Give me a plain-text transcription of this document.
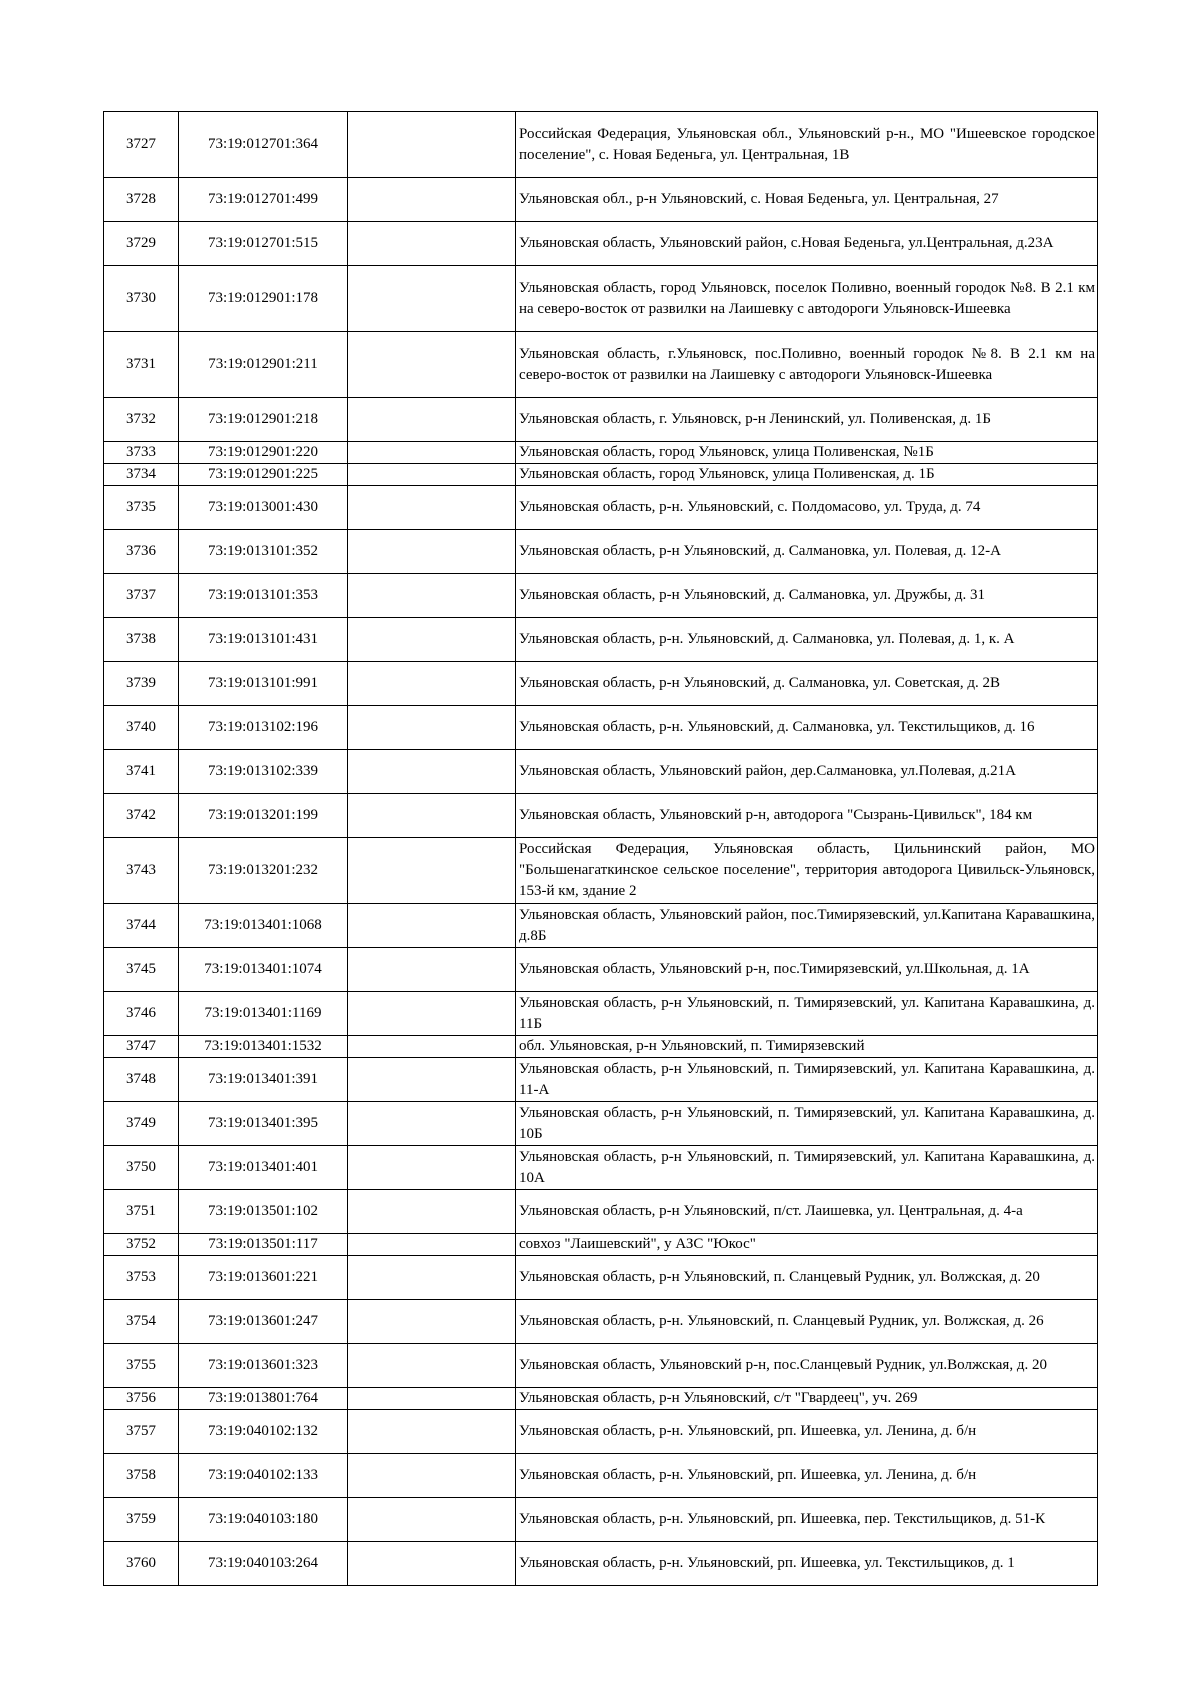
3727	73:19:012701:364		Российская Федерация, Ульяновская обл., Ульяновский р-н., МО "Ишеевское городское поселение", с. Новая Беденьга, ул. Центральная, 1В
3728	73:19:012701:499		Ульяновская обл., р-н Ульяновский, с. Новая Беденьга, ул. Центральная, 27
3729	73:19:012701:515		Ульяновская область, Ульяновский район, с.Новая Беденьга, ул.Центральная, д.23А
3730	73:19:012901:178		Ульяновская область, город Ульяновск, поселок Поливно, военный городок №8. В 2.1 км на северо-восток от развилки на Лаишевку с автодороги Ульяновск-Ишеевка
3731	73:19:012901:211		Ульяновская область, г.Ульяновск, пос.Поливно, военный городок №8. В 2.1 км на северо-восток от развилки на Лаишевку с автодороги Ульяновск-Ишеевка
3732	73:19:012901:218		Ульяновская область, г. Ульяновск, р-н Ленинский, ул. Поливенская, д. 1Б
3733	73:19:012901:220		Ульяновская область, город Ульяновск, улица Поливенская, №1Б
3734	73:19:012901:225		Ульяновская область, город Ульяновск, улица Поливенская, д. 1Б
3735	73:19:013001:430		Ульяновская область, р-н. Ульяновский, с. Полдомасово, ул. Труда, д. 74
3736	73:19:013101:352		Ульяновская область, р-н Ульяновский, д. Салмановка, ул. Полевая, д. 12-А
3737	73:19:013101:353		Ульяновская область, р-н Ульяновский, д. Салмановка, ул. Дружбы, д. 31
3738	73:19:013101:431		Ульяновская область, р-н. Ульяновский, д. Салмановка, ул. Полевая, д. 1, к. А
3739	73:19:013101:991		Ульяновская область, р-н Ульяновский, д. Салмановка, ул. Советская, д. 2В
3740	73:19:013102:196		Ульяновская область, р-н. Ульяновский, д. Салмановка, ул. Текстильщиков, д. 16
3741	73:19:013102:339		Ульяновская область, Ульяновский район, дер.Салмановка, ул.Полевая, д.21А
3742	73:19:013201:199		Ульяновская область, Ульяновский р-н, автодорога "Сызрань-Цивильск", 184 км
3743	73:19:013201:232		Российская Федерация, Ульяновская область, Цильнинский район, МО "Большенагаткинское сельское поселение", территория автодорога Цивильск-Ульяновск, 153-й км, здание 2
3744	73:19:013401:1068		Ульяновская область, Ульяновский район, пос.Тимирязевский, ул.Капитана Каравашкина, д.8Б
3745	73:19:013401:1074		Ульяновская область, Ульяновский р-н, пос.Тимирязевский, ул.Школьная, д. 1А
3746	73:19:013401:1169		Ульяновская область, р-н Ульяновский, п. Тимирязевский, ул. Капитана Каравашкина, д. 11Б
3747	73:19:013401:1532		обл. Ульяновская, р-н Ульяновский, п. Тимирязевский
3748	73:19:013401:391		Ульяновская область, р-н Ульяновский, п. Тимирязевский, ул. Капитана Каравашкина, д. 11-А
3749	73:19:013401:395		Ульяновская область, р-н Ульяновский, п. Тимирязевский, ул. Капитана Каравашкина, д. 10Б
3750	73:19:013401:401		Ульяновская область, р-н Ульяновский, п. Тимирязевский, ул. Капитана Каравашкина, д. 10А
3751	73:19:013501:102		Ульяновская область, р-н Ульяновский, п/ст. Лаишевка, ул. Центральная, д. 4-а
3752	73:19:013501:117		совхоз "Лаишевский", у АЗС "Юкос"
3753	73:19:013601:221		Ульяновская область, р-н Ульяновский, п. Сланцевый Рудник, ул. Волжская, д. 20
3754	73:19:013601:247		Ульяновская область, р-н. Ульяновский, п. Сланцевый Рудник, ул. Волжская, д. 26
3755	73:19:013601:323		Ульяновская область, Ульяновский р-н, пос.Сланцевый Рудник, ул.Волжская, д. 20
3756	73:19:013801:764		Ульяновская область, р-н Ульяновский, с/т "Гвардеец", уч. 269
3757	73:19:040102:132		Ульяновская область, р-н. Ульяновский, рп. Ишеевка, ул. Ленина, д. б/н
3758	73:19:040102:133		Ульяновская область, р-н. Ульяновский, рп. Ишеевка, ул. Ленина, д. б/н
3759	73:19:040103:180		Ульяновская область, р-н. Ульяновский, рп. Ишеевка, пер. Текстильщиков, д. 51-К
3760	73:19:040103:264		Ульяновская область, р-н. Ульяновский, рп. Ишеевка, ул. Текстильщиков, д. 1
